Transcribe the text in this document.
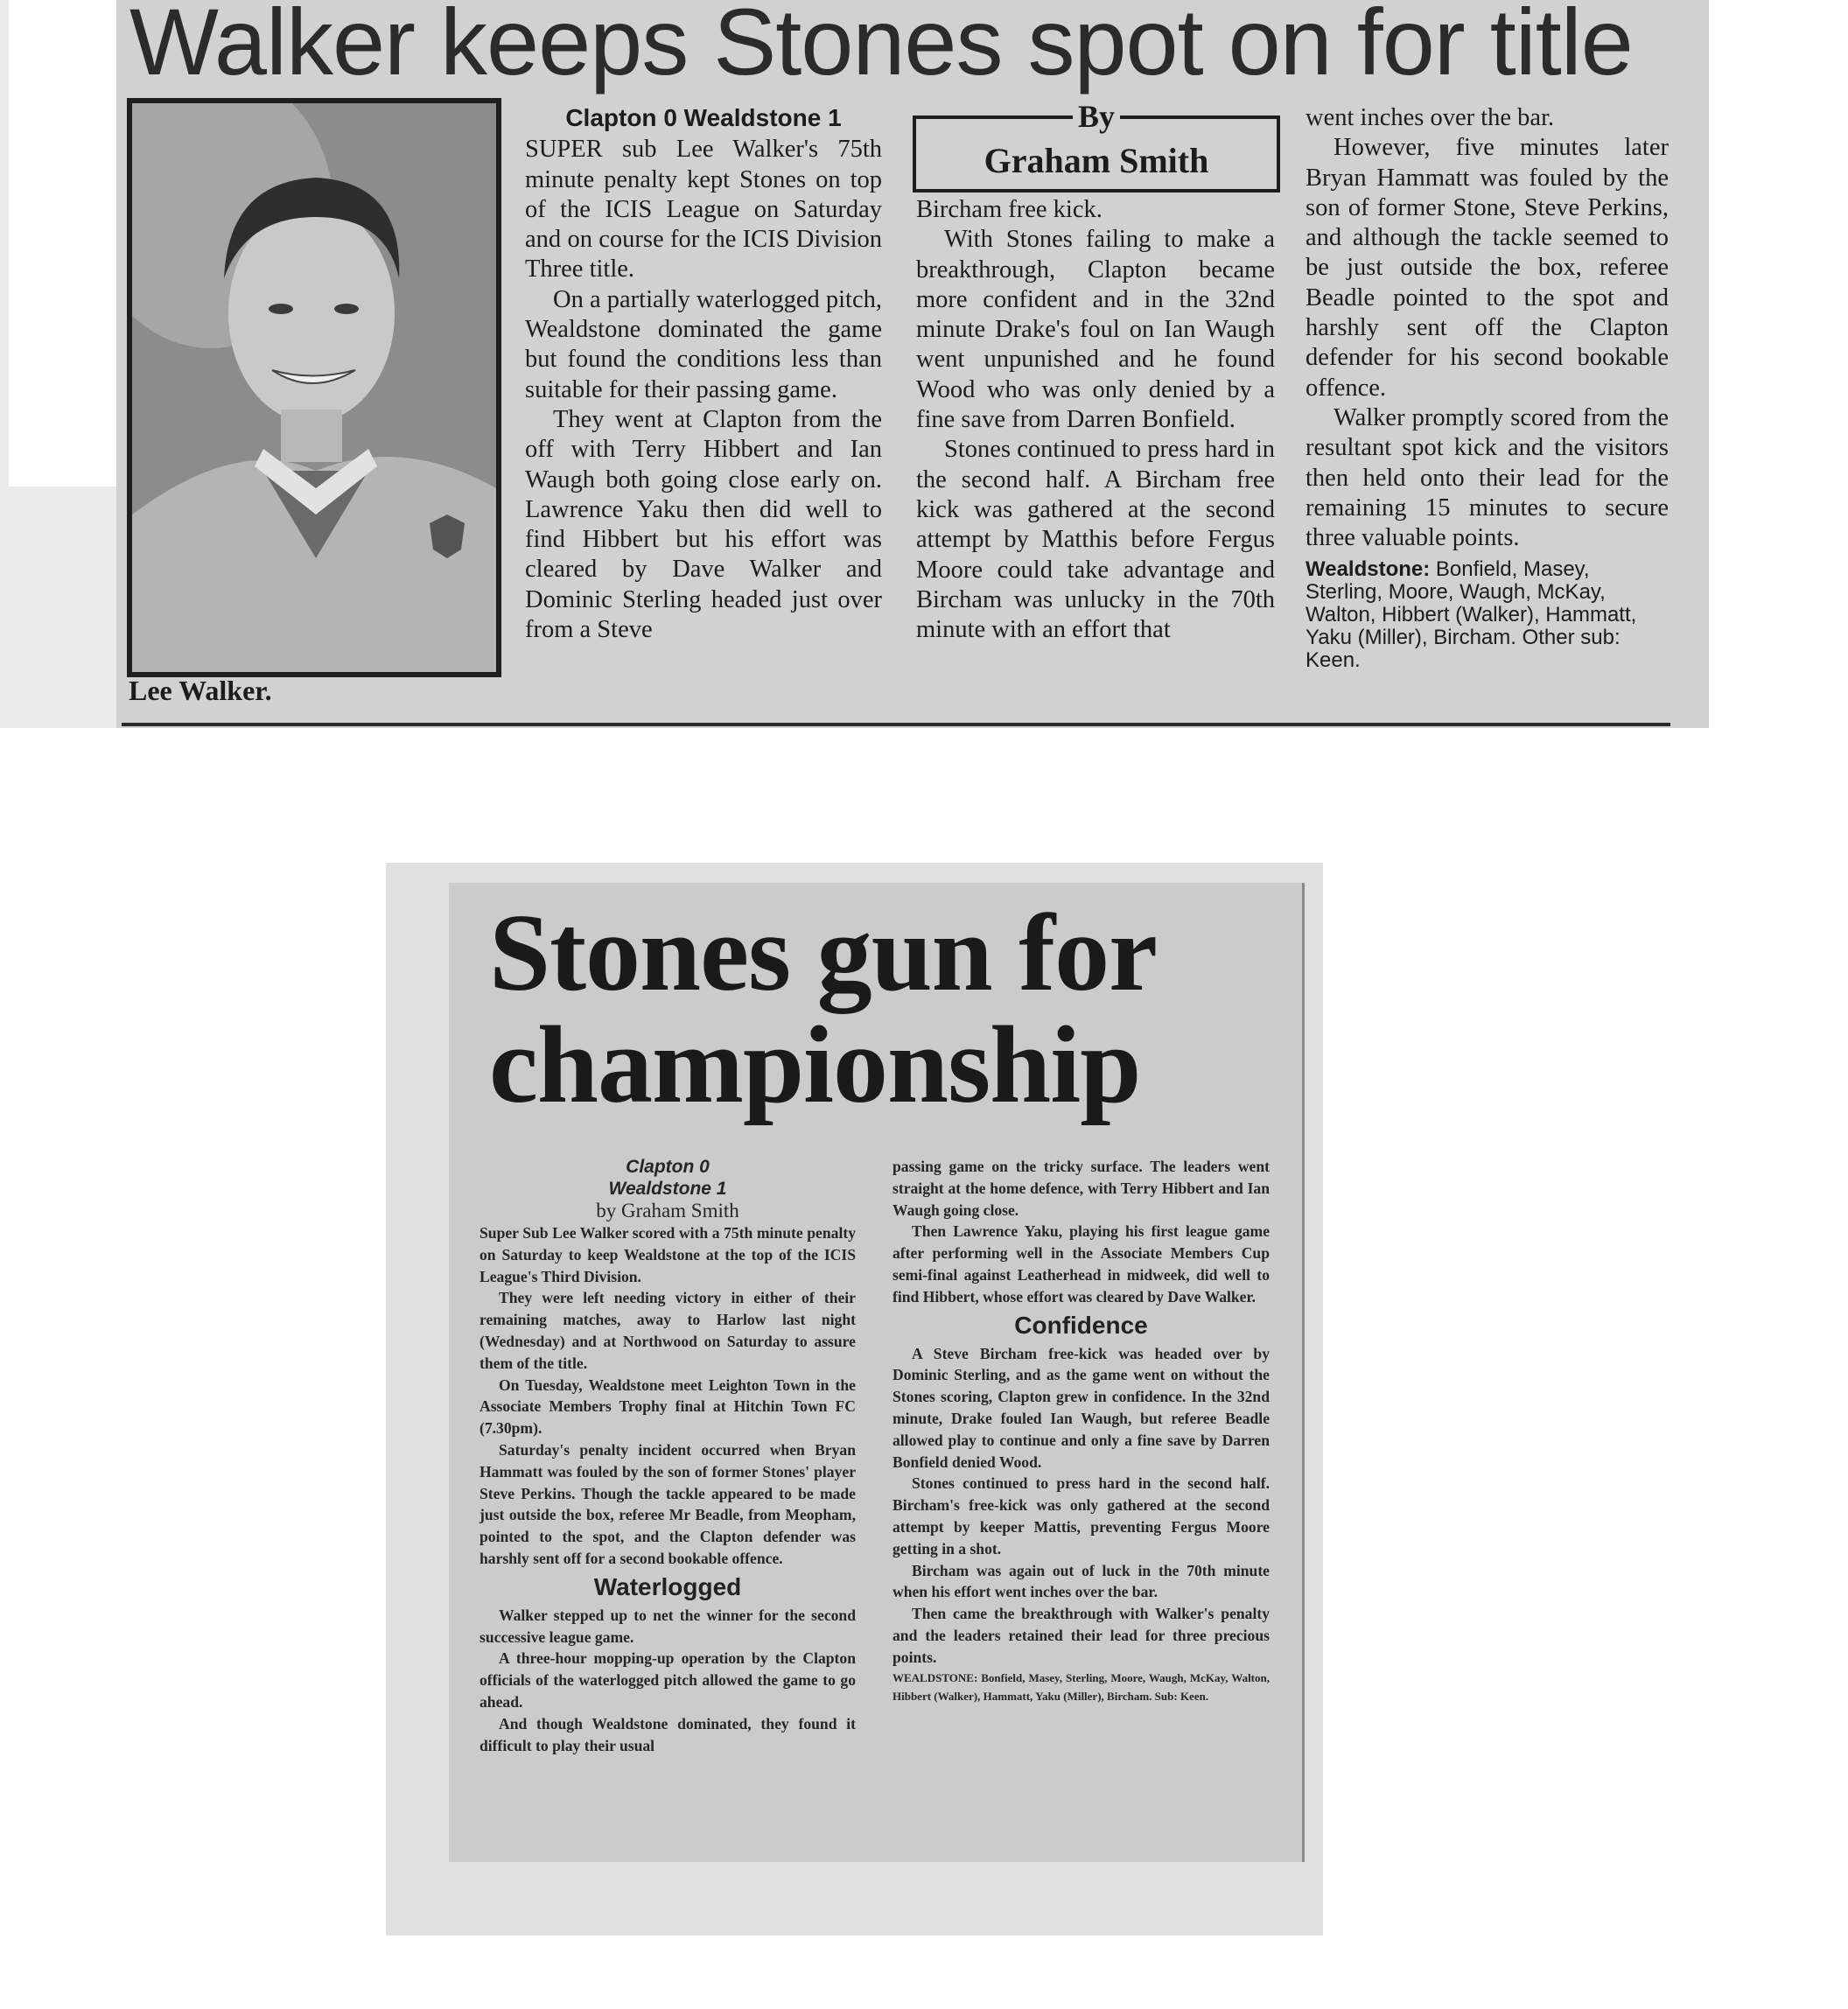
Walker keeps Stones spot on for title
Lee Walker.
Clapton 0 Wealdstone 1

SUPER sub Lee Walker's 75th minute penalty kept Stones on top of the ICIS League on Saturday and on course for the ICIS Division Three title.

On a partially waterlogged pitch, Wealdstone dominated the game but found the conditions less than suitable for their passing game.

They went at Clapton from the off with Terry Hibbert and Ian Waugh both going close early on. Lawrence Yaku then did well to find Hibbert but his effort was cleared by Dave Walker and Dominic Sterling headed just over from a Steve

By
Graham Smith

Bircham free kick.

With Stones failing to make a breakthrough, Clapton became more confident and in the 32nd minute Drake's foul on Ian Waugh went unpunished and he found Wood who was only denied by a fine save from Darren Bonfield.

Stones continued to press hard in the second half. A Bircham free kick was gathered at the second attempt by Matthis before Fergus Moore could take advantage and Bircham was unlucky in the 70th minute with an effort that

went inches over the bar.

However, five minutes later Bryan Hammatt was fouled by the son of former Stone, Steve Perkins, and although the tackle seemed to be just outside the box, referee Beadle pointed to the spot and harshly sent off the Clapton defender for his second bookable offence.

Walker promptly scored from the resultant spot kick and the visitors then held onto their lead for the remaining 15 minutes to secure three valuable points.

Wealdstone: Bonfield, Masey, Sterling, Moore, Waugh, McKay, Walton, Hibbert (Walker), Hammatt, Yaku (Miller), Bircham. Other sub: Keen.
Stones gun for championship
Clapton 0
Wealdstone 1
by Graham Smith

Super Sub Lee Walker scored with a 75th minute penalty on Saturday to keep Wealdstone at the top of the ICIS League's Third Division.

They were left needing victory in either of their remaining matches, away to Harlow last night (Wednesday) and at Northwood on Saturday to assure them of the title.

On Tuesday, Wealdstone meet Leighton Town in the Associate Members Trophy final at Hitchin Town FC (7.30pm).

Saturday's penalty incident occurred when Bryan Hammatt was fouled by the son of former Stones' player Steve Perkins. Though the tackle appeared to be made just outside the box, referee Mr Beadle, from Meopham, pointed to the spot, and the Clapton defender was harshly sent off for a second bookable offence.

Waterlogged

Walker stepped up to net the winner for the second successive league game.

A three-hour mopping-up operation by the Clapton officials of the waterlogged pitch allowed the game to go ahead.

And though Wealdstone dominated, they found it difficult to play their usual

passing game on the tricky surface. The leaders went straight at the home defence, with Terry Hibbert and Ian Waugh going close.

Then Lawrence Yaku, playing his first league game after performing well in the Associate Members Cup semi-final against Leatherhead in midweek, did well to find Hibbert, whose effort was cleared by Dave Walker.

Confidence

A Steve Bircham free-kick was headed over by Dominic Sterling, and as the game went on without the Stones scoring, Clapton grew in confidence. In the 32nd minute, Drake fouled Ian Waugh, but referee Beadle allowed play to continue and only a fine save by Darren Bonfield denied Wood.

Stones continued to press hard in the second half. Bircham's free-kick was only gathered at the second attempt by keeper Mattis, preventing Fergus Moore getting in a shot.

Bircham was again out of luck in the 70th minute when his effort went inches over the bar.

Then came the breakthrough with Walker's penalty and the leaders retained their lead for three precious points.

WEALDSTONE: Bonfield, Masey, Sterling, Moore, Waugh, McKay, Walton, Hibbert (Walker), Hammatt, Yaku (Miller), Bircham. Sub: Keen.
